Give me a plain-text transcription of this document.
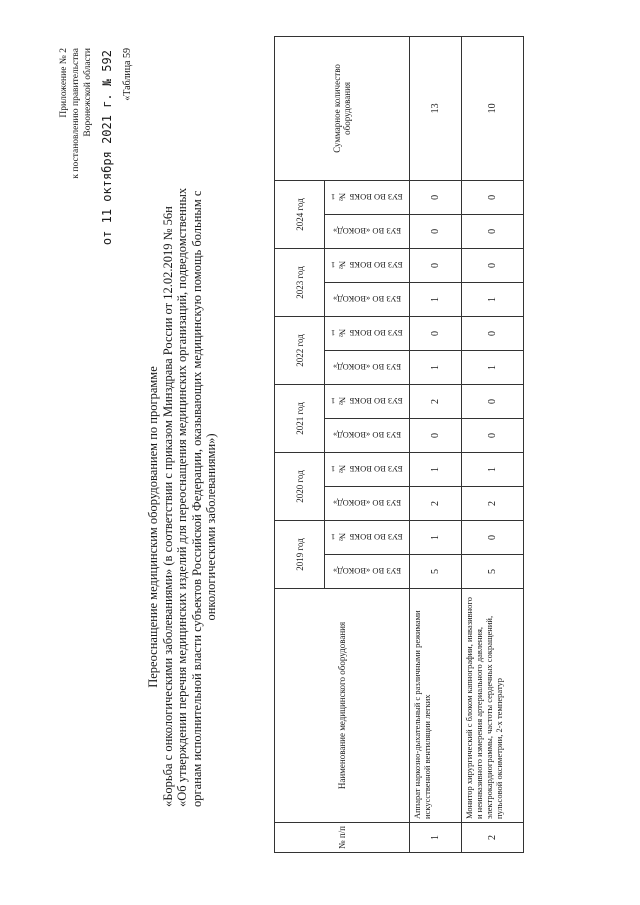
Приложение № 2 к постановлению правительства Воронежской области от 11 октября 2021 г. № 592 «Таблица 59
Переоснащение медицинским оборудованием по программе «Борьба с онкологическими заболеваниями» (в соответствии с приказом Минздрава России от 12.02.2019 № 56н «Об утверждении перечня медицинских изделий для переоснащения медицинских организаций, подведомственных органам исполнительной власти субъектов Российской Федерации, оказывающих медицинскую помощь больным с онкологическими заболеваниями»)
№ п/п	Наименование медицинского оборудования	2019 год		2020 год		2021 год		2022 год		2023 год		2024 год		Суммарное количество оборудования

		БУЗ ВО «ВОКОД»	БУЗ ВО ВОКБ № 1	БУЗ ВО «ВОКОД»	БУЗ ВО ВОКБ № 1	БУЗ ВО «ВОКОД»	БУЗ ВО ВОКБ № 1	БУЗ ВО «ВОКОД»	БУЗ ВО ВОКБ № 1	БУЗ ВО «ВОКОД»	БУЗ ВО ВОКБ № 1	БУЗ ВО «ВОКОД»	БУЗ ВО ВОКБ № 1	

1	Аппарат наркозно-дыхательный с различными режимами искусственной вентиляции легких	5	1	2	1	0	2	1	0	1	0	0	0	13
2	Монитор хирургический с блоком капнографии, инвазивного и неинвазивного измерения артериального давления, электрокардиограммы, частоты сердечных сокращений, пульсовой оксиметрии, 2-х температур	5	0	2	1	0	0	1	0	1	0	0	0	10
